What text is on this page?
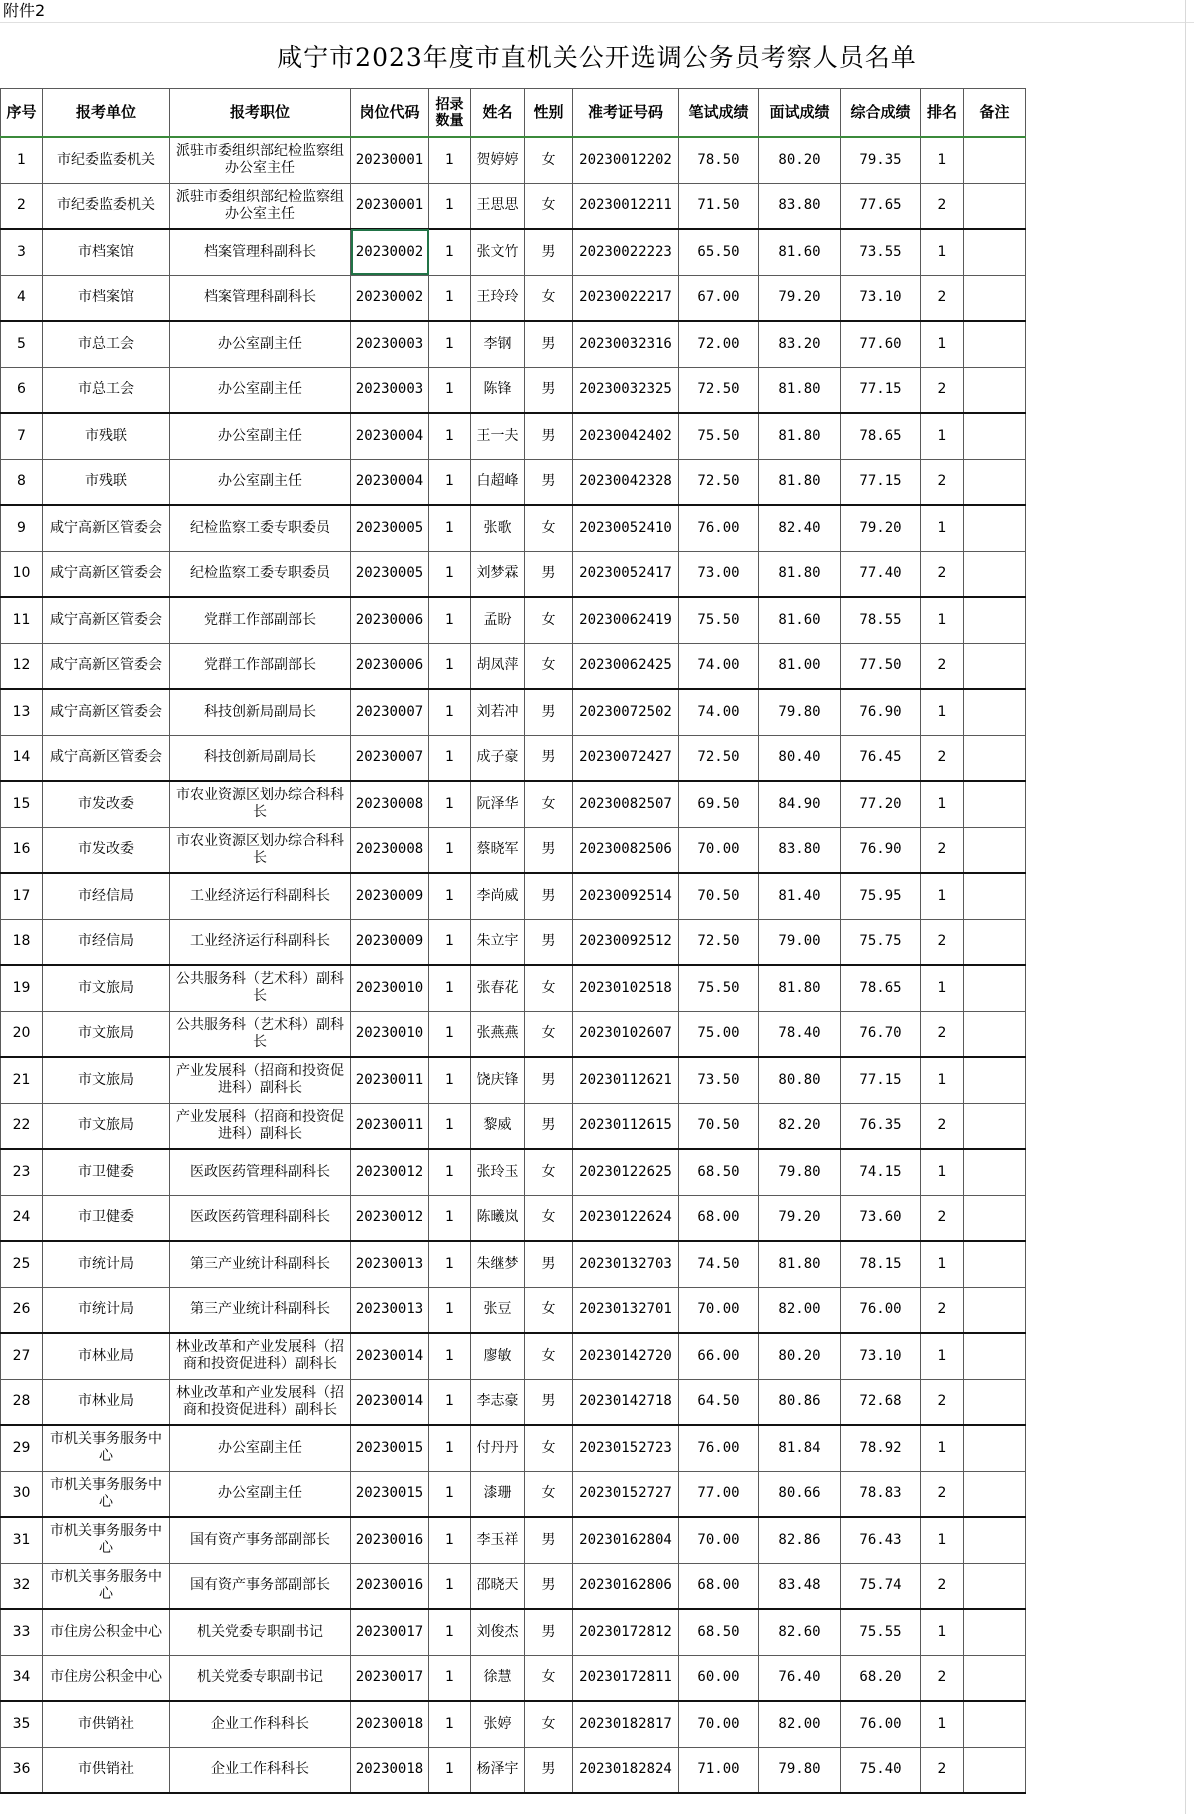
附件2
咸宁市2023年度市直机关公开选调公务员考察人员名单
序号	报考单位	报考职位	岗位代码	招录数量	姓名	性别	准考证号码	笔试成绩	面试成绩	综合成绩	排名	备注
1	市纪委监委机关	派驻市委组织部纪检监察组办公室主任	20230001	1	贺婷婷	女	20230012202	78.50	80.20	79.35	1	
2	市纪委监委机关	派驻市委组织部纪检监察组办公室主任	20230001	1	王思思	女	20230012211	71.50	83.80	77.65	2	
3	市档案馆	档案管理科副科长	20230002	1	张文竹	男	20230022223	65.50	81.60	73.55	1	
4	市档案馆	档案管理科副科长	20230002	1	王玲玲	女	20230022217	67.00	79.20	73.10	2	
5	市总工会	办公室副主任	20230003	1	李钢	男	20230032316	72.00	83.20	77.60	1	
6	市总工会	办公室副主任	20230003	1	陈锋	男	20230032325	72.50	81.80	77.15	2	
7	市残联	办公室副主任	20230004	1	王一夫	男	20230042402	75.50	81.80	78.65	1	
8	市残联	办公室副主任	20230004	1	白超峰	男	20230042328	72.50	81.80	77.15	2	
9	咸宁高新区管委会	纪检监察工委专职委员	20230005	1	张歌	女	20230052410	76.00	82.40	79.20	1	
10	咸宁高新区管委会	纪检监察工委专职委员	20230005	1	刘梦霖	男	20230052417	73.00	81.80	77.40	2	
11	咸宁高新区管委会	党群工作部副部长	20230006	1	孟盼	女	20230062419	75.50	81.60	78.55	1	
12	咸宁高新区管委会	党群工作部副部长	20230006	1	胡凤萍	女	20230062425	74.00	81.00	77.50	2	
13	咸宁高新区管委会	科技创新局副局长	20230007	1	刘若冲	男	20230072502	74.00	79.80	76.90	1	
14	咸宁高新区管委会	科技创新局副局长	20230007	1	成子豪	男	20230072427	72.50	80.40	76.45	2	
15	市发改委	市农业资源区划办综合科科长	20230008	1	阮泽华	女	20230082507	69.50	84.90	77.20	1	
16	市发改委	市农业资源区划办综合科科长	20230008	1	蔡晓军	男	20230082506	70.00	83.80	76.90	2	
17	市经信局	工业经济运行科副科长	20230009	1	李尚威	男	20230092514	70.50	81.40	75.95	1	
18	市经信局	工业经济运行科副科长	20230009	1	朱立宇	男	20230092512	72.50	79.00	75.75	2	
19	市文旅局	公共服务科（艺术科）副科长	20230010	1	张春花	女	20230102518	75.50	81.80	78.65	1	
20	市文旅局	公共服务科（艺术科）副科长	20230010	1	张燕燕	女	20230102607	75.00	78.40	76.70	2	
21	市文旅局	产业发展科（招商和投资促进科）副科长	20230011	1	饶庆锋	男	20230112621	73.50	80.80	77.15	1	
22	市文旅局	产业发展科（招商和投资促进科）副科长	20230011	1	黎威	男	20230112615	70.50	82.20	76.35	2	
23	市卫健委	医政医药管理科副科长	20230012	1	张玲玉	女	20230122625	68.50	79.80	74.15	1	
24	市卫健委	医政医药管理科副科长	20230012	1	陈曦岚	女	20230122624	68.00	79.20	73.60	2	
25	市统计局	第三产业统计科副科长	20230013	1	朱继梦	男	20230132703	74.50	81.80	78.15	1	
26	市统计局	第三产业统计科副科长	20230013	1	张豆	女	20230132701	70.00	82.00	76.00	2	
27	市林业局	林业改革和产业发展科（招商和投资促进科）副科长	20230014	1	廖敏	女	20230142720	66.00	80.20	73.10	1	
28	市林业局	林业改革和产业发展科（招商和投资促进科）副科长	20230014	1	李志豪	男	20230142718	64.50	80.86	72.68	2	
29	市机关事务服务中心	办公室副主任	20230015	1	付丹丹	女	20230152723	76.00	81.84	78.92	1	
30	市机关事务服务中心	办公室副主任	20230015	1	漆珊	女	20230152727	77.00	80.66	78.83	2	
31	市机关事务服务中心	国有资产事务部副部长	20230016	1	李玉祥	男	20230162804	70.00	82.86	76.43	1	
32	市机关事务服务中心	国有资产事务部副部长	20230016	1	邵晓天	男	20230162806	68.00	83.48	75.74	2	
33	市住房公积金中心	机关党委专职副书记	20230017	1	刘俊杰	男	20230172812	68.50	82.60	75.55	1	
34	市住房公积金中心	机关党委专职副书记	20230017	1	徐慧	女	20230172811	60.00	76.40	68.20	2	
35	市供销社	企业工作科科长	20230018	1	张婷	女	20230182817	70.00	82.00	76.00	1	
36	市供销社	企业工作科科长	20230018	1	杨泽宇	男	20230182824	71.00	79.80	75.40	2	
